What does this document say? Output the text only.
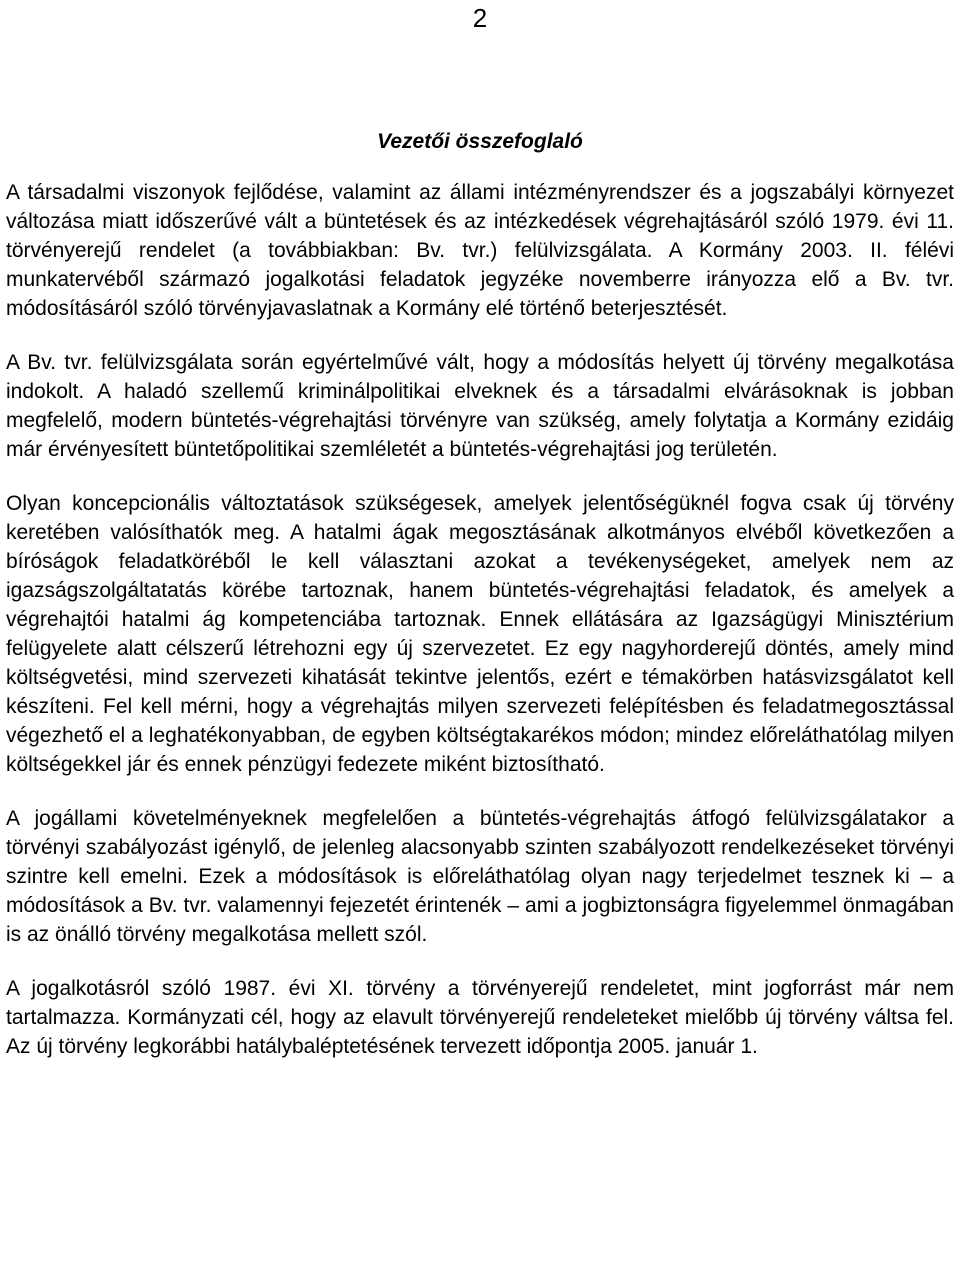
2
Vezetői összefoglaló

A társadalmi viszonyok fejlődése, valamint az állami intézményrendszer és a jogszabályi környezet változása miatt időszerűvé vált a büntetések és az intézkedések végrehajtásáról szóló 1979. évi 11. törvényerejű rendelet (a továbbiakban: Bv. tvr.) felülvizsgálata. A Kormány 2003. II. félévi munkatervéből származó jogalkotási feladatok jegyzéke novemberre irányozza elő a Bv. tvr. módosításáról szóló törvényjavaslatnak a Kormány elé történő beterjesztését.

A Bv. tvr. felülvizsgálata során egyértelművé vált, hogy a módosítás helyett új törvény megalkotása indokolt. A haladó szellemű kriminálpolitikai elveknek és a társadalmi elvárásoknak is jobban megfelelő, modern büntetés-végrehajtási törvényre van szükség, amely folytatja a Kormány ezidáig már érvényesített büntetőpolitikai szemléletét a büntetés-végrehajtási jog területén.

Olyan koncepcionális változtatások szükségesek, amelyek jelentőségüknél fogva csak új törvény keretében valósíthatók meg. A hatalmi ágak megosztásának alkotmányos elvéből következően a bíróságok feladatköréből le kell választani azokat a tevékenységeket, amelyek nem az igazságszolgáltatatás körébe tartoznak, hanem büntetés-végrehajtási feladatok, és amelyek a végrehajtói hatalmi ág kompetenciába tartoznak. Ennek ellátására az Igazságügyi Minisztérium felügyelete alatt célszerű létrehozni egy új szervezetet. Ez egy nagyhorderejű döntés, amely mind költségvetési, mind szervezeti kihatását tekintve jelentős, ezért e témakörben hatásvizsgálatot kell készíteni. Fel kell mérni, hogy a végrehajtás milyen szervezeti felépítésben és feladatmegosztással végezhető el a leghatékonyabban, de egyben költségtakarékos módon; mindez előreláthatólag milyen költségekkel jár és ennek pénzügyi fedezete miként biztosítható.

A jogállami követelményeknek megfelelően a büntetés-végrehajtás átfogó felülvizsgálatakor a törvényi szabályozást igénylő, de jelenleg alacsonyabb szinten szabályozott rendelkezéseket törvényi szintre kell emelni. Ezek a módosítások is előreláthatólag olyan nagy terjedelmet tesznek ki – a módosítások a Bv. tvr. valamennyi fejezetét érintenék – ami a jogbiztonságra figyelemmel önmagában is az önálló törvény megalkotása mellett szól.

A jogalkotásról szóló 1987. évi XI. törvény a törvényerejű rendeletet, mint jogforrást már nem tartalmazza. Kormányzati cél, hogy az elavult törvényerejű rendeleteket mielőbb új törvény váltsa fel. Az új törvény legkorábbi hatálybaléptetésének tervezett időpontja 2005. január 1.
